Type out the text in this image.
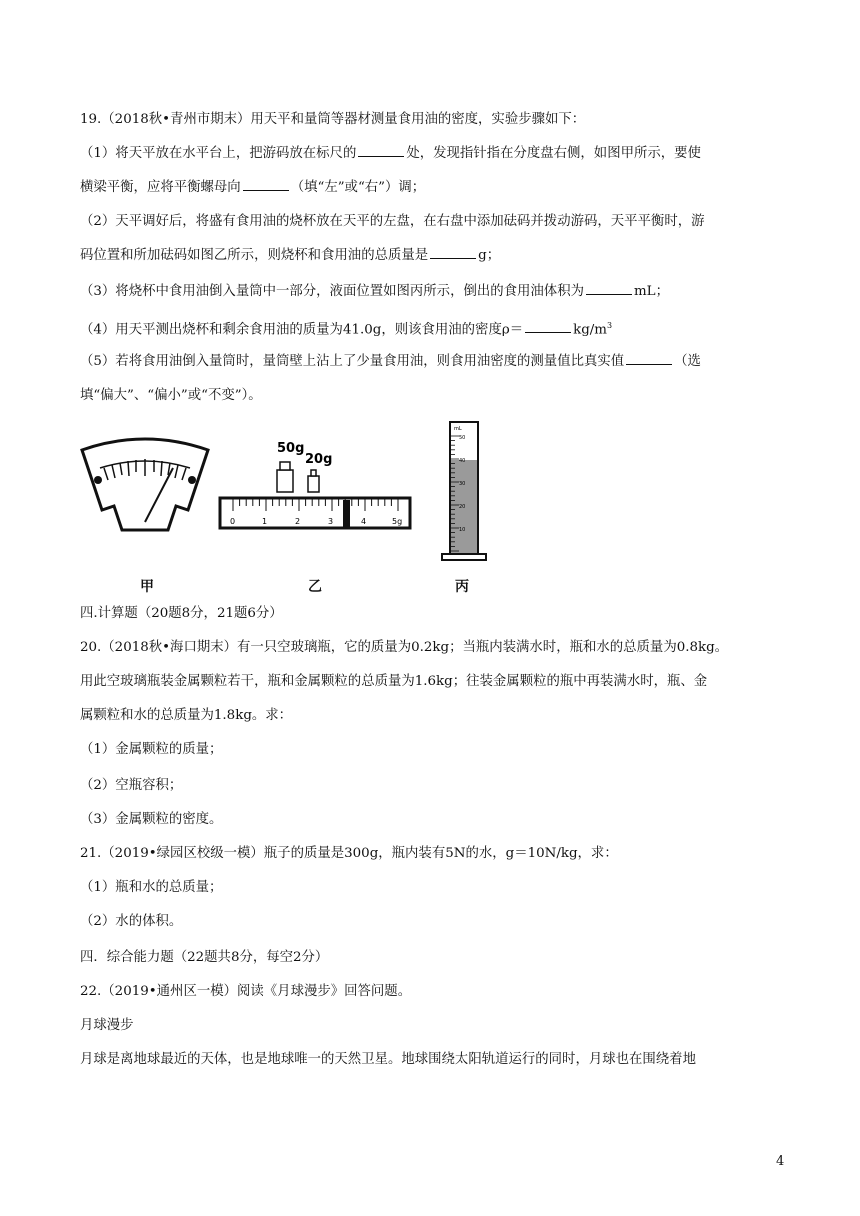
19.（2018秋•青州市期末）用天平和量筒等器材测量食用油的密度，实验步骤如下：
（1）将天平放在水平台上，把游码放在标尺的	处，发现指针指在分度盘右侧，如图甲所示，要使
横梁平衡，应将平衡螺母向	（填“左”或“右”）调；
（2）天平调好后，将盛有食用油的烧杯放在天平的左盘，在右盘中添加砝码并拨动游码，天平平衡时，游
码位置和所加砝码如图乙所示，则烧杯和食用油的总质量是	g；
（3）将烧杯中食用油倒入量筒中一部分，液面位置如图丙所示，倒出的食用油体积为	mL；
（4）用天平测出烧杯和剩余食用油的质量为41.0g，则该食用油的密度ρ＝	$kg/m^3$
（5）若将食用油倒入量筒时，量筒壁上沾上了少量食用油，则食用油密度的测量值比真实值	（选
填“偏大”、“偏小”或“不变”）。
50g
20g
0	1	2	3	4	5g
mL
50
40
30
20
10
甲	乙	丙
四.计算题（20题8分，21题6分）
20.（2018秋•海口期末）有一只空玻璃瓶，它的质量为0.2kg；当瓶内装满水时，瓶和水的总质量为0.8kg。
用此空玻璃瓶装金属颗粒若干，瓶和金属颗粒的总质量为1.6kg；往装金属颗粒的瓶中再装满水时，瓶、金
属颗粒和水的总质量为1.8kg。求：
（1）金属颗粒的质量；
（2）空瓶容积；
（3）金属颗粒的密度。
21.（2019•绿园区校级一模）瓶子的质量是300g，瓶内装有5N的水，g＝10N/kg，求：
（1）瓶和水的总质量；
（2）水的体积。
四．综合能力题（22题共8分，每空2分）
22.（2019•通州区一模）阅读《月球漫步》回答问题。
月球漫步
月球是离地球最近的天体，也是地球唯一的天然卫星。地球围绕太阳轨道运行的同时，月球也在围绕着地
4
